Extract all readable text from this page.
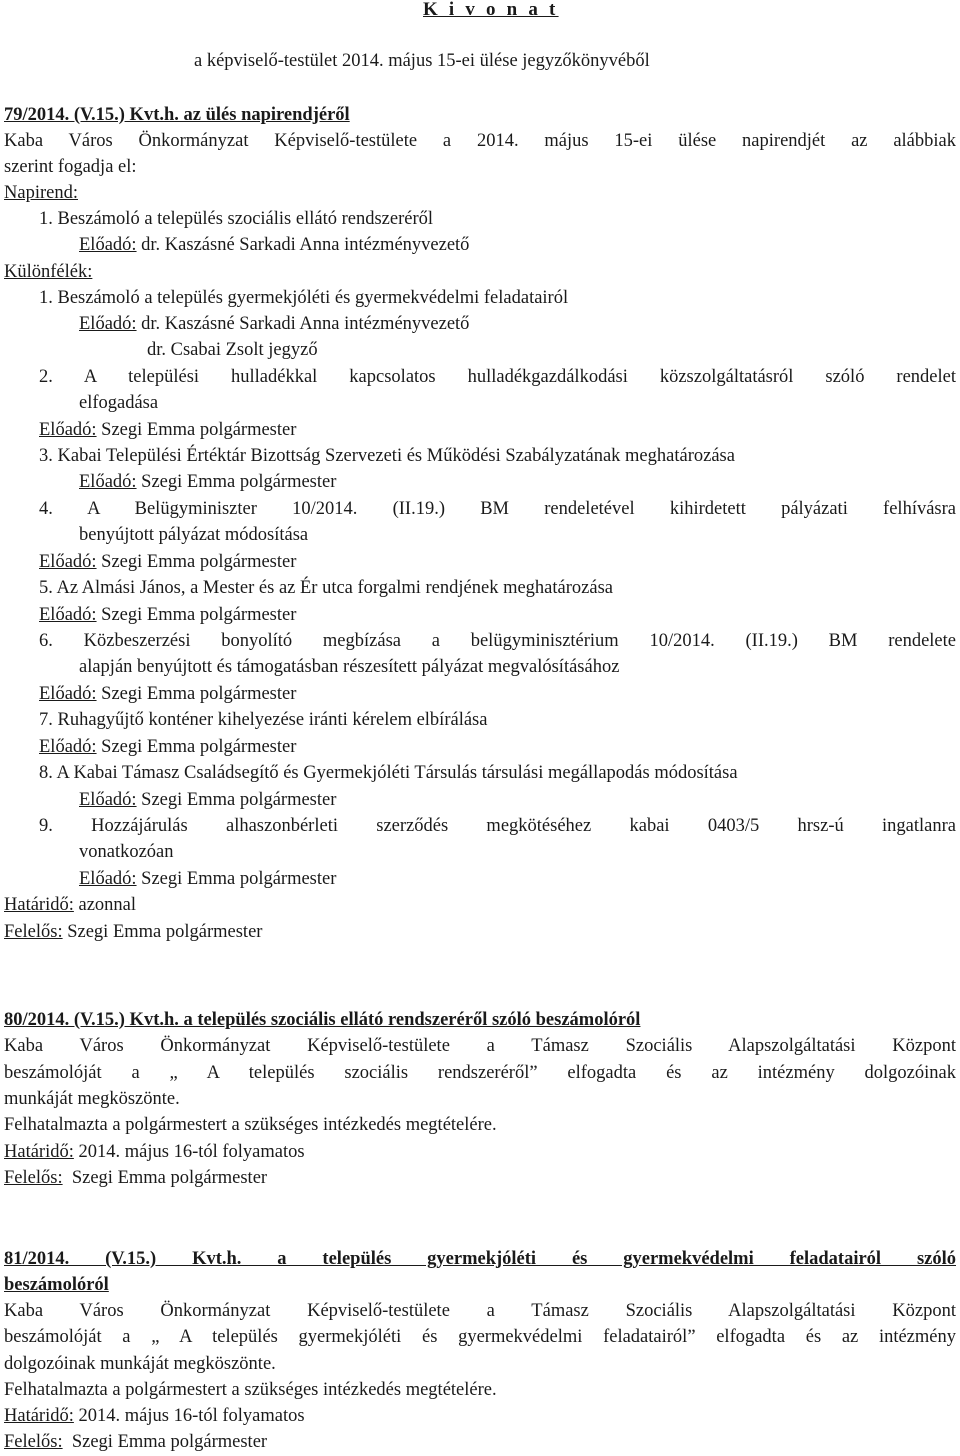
K i v o n a t
a képviselő-testület 2014. május 15-ei ülése jegyzőkönyvéből
79/2014. (V.15.) Kvt.h. az ülés napirendjéről
Kaba Város Önkormányzat Képviselő-testülete a 2014. május 15-ei ülése napirendjét az alábbiak
szerint fogadja el:
Napirend:
1. Beszámoló a település szociális ellátó rendszeréről
Előadó: dr. Kaszásné Sarkadi Anna intézményvezető
Különfélék:
1. Beszámoló a település gyermekjóléti és gyermekvédelmi feladatairól
Előadó: dr. Kaszásné Sarkadi Anna intézményvezető
dr. Csabai Zsolt jegyző
2. A települési hulladékkal kapcsolatos hulladékgazdálkodási közszolgáltatásról szóló rendelet
elfogadása
Előadó: Szegi Emma polgármester
3. Kabai Települési Értéktár Bizottság Szervezeti és Működési Szabályzatának meghatározása
Előadó: Szegi Emma polgármester
4. A Belügyminiszter 10/2014. (II.19.) BM rendeletével kihirdetett pályázati felhívásra
benyújtott pályázat módosítása
Előadó: Szegi Emma polgármester
5. Az Almási János, a Mester és az Ér utca forgalmi rendjének meghatározása
Előadó: Szegi Emma polgármester
6. Közbeszerzési bonyolító megbízása a belügyminisztérium 10/2014. (II.19.) BM rendelete
alapján benyújtott és támogatásban részesített pályázat megvalósításához
Előadó: Szegi Emma polgármester
7. Ruhagyűjtő konténer kihelyezése iránti kérelem elbírálása
Előadó: Szegi Emma polgármester
8. A Kabai Támasz Családsegítő és Gyermekjóléti Társulás társulási megállapodás módosítása
Előadó: Szegi Emma polgármester
9. Hozzájárulás alhaszonbérleti szerződés megkötéséhez kabai 0403/5 hrsz-ú ingatlanra
vonatkozóan
Előadó: Szegi Emma polgármester
Határidő: azonnal
Felelős: Szegi Emma polgármester
80/2014. (V.15.) Kvt.h. a település szociális ellátó rendszeréről szóló beszámolóról
Kaba Város Önkormányzat Képviselő-testülete a Támasz Szociális Alapszolgáltatási Központ
beszámolóját a „ A település szociális rendszeréről” elfogadta és az intézmény dolgozóinak
munkáját megköszönte.
Felhatalmazta a polgármestert a szükséges intézkedés megtételére.
Határidő: 2014. május 16-tól folyamatos
Felelős: Szegi Emma polgármester
81/2014. (V.15.) Kvt.h. a település gyermekjóléti és gyermekvédelmi feladatairól szóló
beszámolóról
Kaba Város Önkormányzat Képviselő-testülete a Támasz Szociális Alapszolgáltatási Központ
beszámolóját a „ A település gyermekjóléti és gyermekvédelmi feladatairól” elfogadta és az intézmény
dolgozóinak munkáját megköszönte.
Felhatalmazta a polgármestert a szükséges intézkedés megtételére.
Határidő: 2014. május 16-tól folyamatos
Felelős: Szegi Emma polgármester
